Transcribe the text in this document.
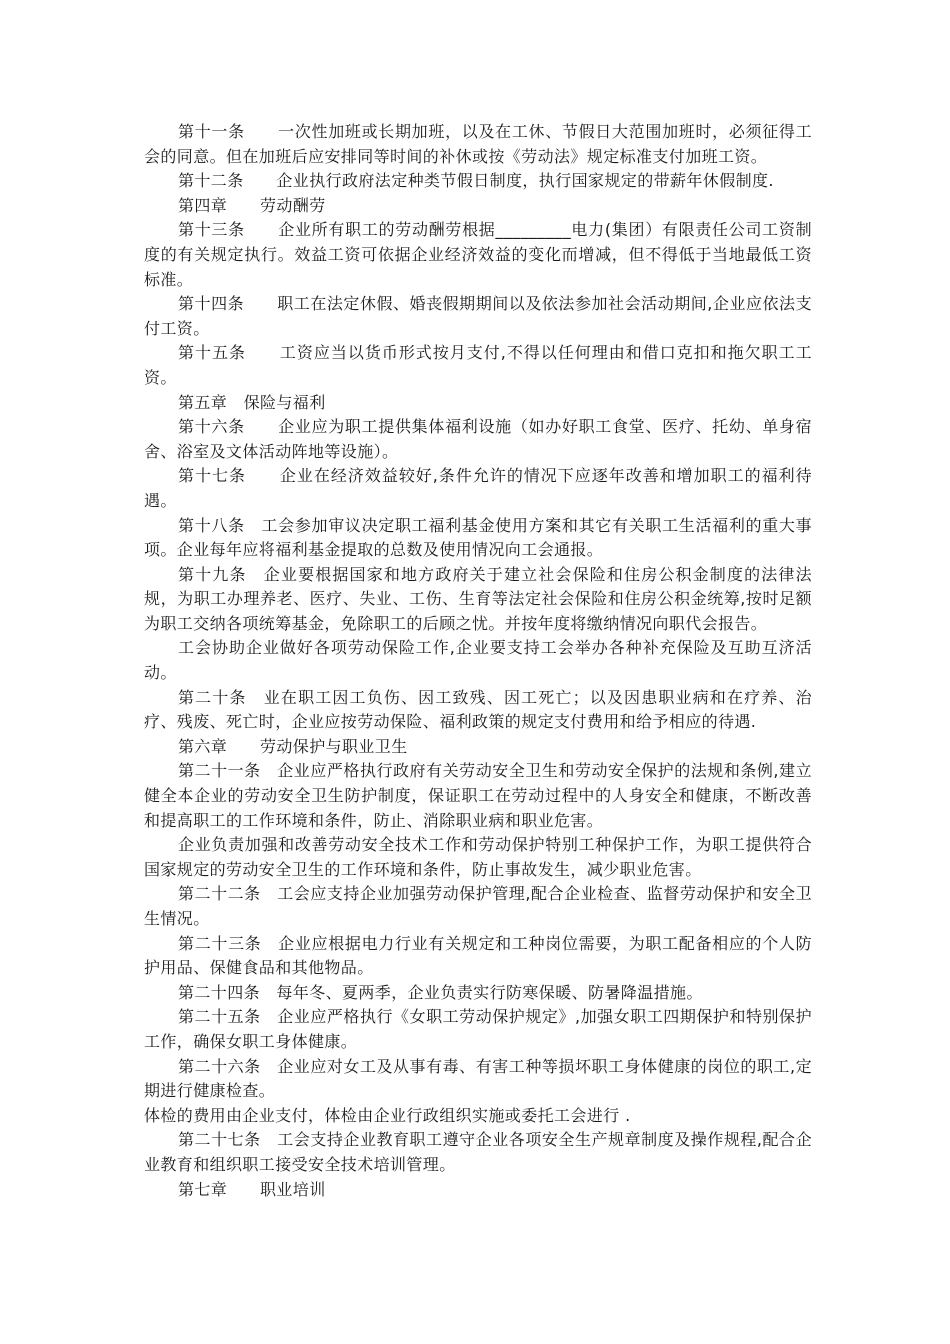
第十一条　　一次性加班或长期加班，以及在工休、节假日大范围加班时，必须征得工会的同意。但在加班后应安排同等时间的补休或按《劳动法》规定标准支付加班工资。

第十二条　　企业执行政府法定种类节假日制度，执行国家规定的带薪年休假制度.

第四章　　劳动酬劳

第十三条　　企业所有职工的劳动酬劳根据_________电力(集团）有限责任公司工资制度的有关规定执行。效益工资可依据企业经济效益的变化而增减，但不得低于当地最低工资标准。

第十四条　　职工在法定休假、婚丧假期期间以及依法参加社会活动期间,企业应依法支付工资。

第十五条　　工资应当以货币形式按月支付,不得以任何理由和借口克扣和拖欠职工工资。

第五章　保险与福利

第十六条　　企业应为职工提供集体福利设施（如办好职工食堂、医疗、托幼、单身宿舍、浴室及文体活动阵地等设施）。

第十七条　　企业在经济效益较好,条件允许的情况下应逐年改善和增加职工的福利待遇。

第十八条　工会参加审议决定职工福利基金使用方案和其它有关职工生活福利的重大事项。企业每年应将福利基金提取的总数及使用情况向工会通报。

第十九条　企业要根据国家和地方政府关于建立社会保险和住房公积金制度的法律法规，为职工办理养老、医疗、失业、工伤、生育等法定社会保险和住房公积金统筹,按时足额为职工交纳各项统筹基金，免除职工的后顾之忧。并按年度将缴纳情况向职代会报告。

工会协助企业做好各项劳动保险工作,企业要支持工会举办各种补充保险及互助互济活动。

第二十条　业在职工因工负伤、因工致残、因工死亡；以及因患职业病和在疗养、治疗、残废、死亡时，企业应按劳动保险、福利政策的规定支付费用和给予相应的待遇.

第六章　　劳动保护与职业卫生

第二十一条　企业应严格执行政府有关劳动安全卫生和劳动安全保护的法规和条例,建立健全本企业的劳动安全卫生防护制度，保证职工在劳动过程中的人身安全和健康，不断改善和提高职工的工作环境和条件，防止、消除职业病和职业危害。

企业负责加强和改善劳动安全技术工作和劳动保护特别工种保护工作，为职工提供符合国家规定的劳动安全卫生的工作环境和条件，防止事故发生，减少职业危害。

第二十二条　工会应支持企业加强劳动保护管理,配合企业检查、监督劳动保护和安全卫生情况。

第二十三条　企业应根据电力行业有关规定和工种岗位需要，为职工配备相应的个人防护用品、保健食品和其他物品。

第二十四条　每年冬、夏两季，企业负责实行防寒保暖、防暑降温措施。

第二十五条　企业应严格执行《女职工劳动保护规定》,加强女职工四期保护和特别保护工作，确保女职工身体健康。

第二十六条　企业应对女工及从事有毒、有害工种等损坏职工身体健康的岗位的职工,定期进行健康检查。

体检的费用由企业支付，体检由企业行政组织实施或委托工会进行 .

第二十七条　工会支持企业教育职工遵守企业各项安全生产规章制度及操作规程,配合企业教育和组织职工接受安全技术培训管理。

第七章　　职业培训
